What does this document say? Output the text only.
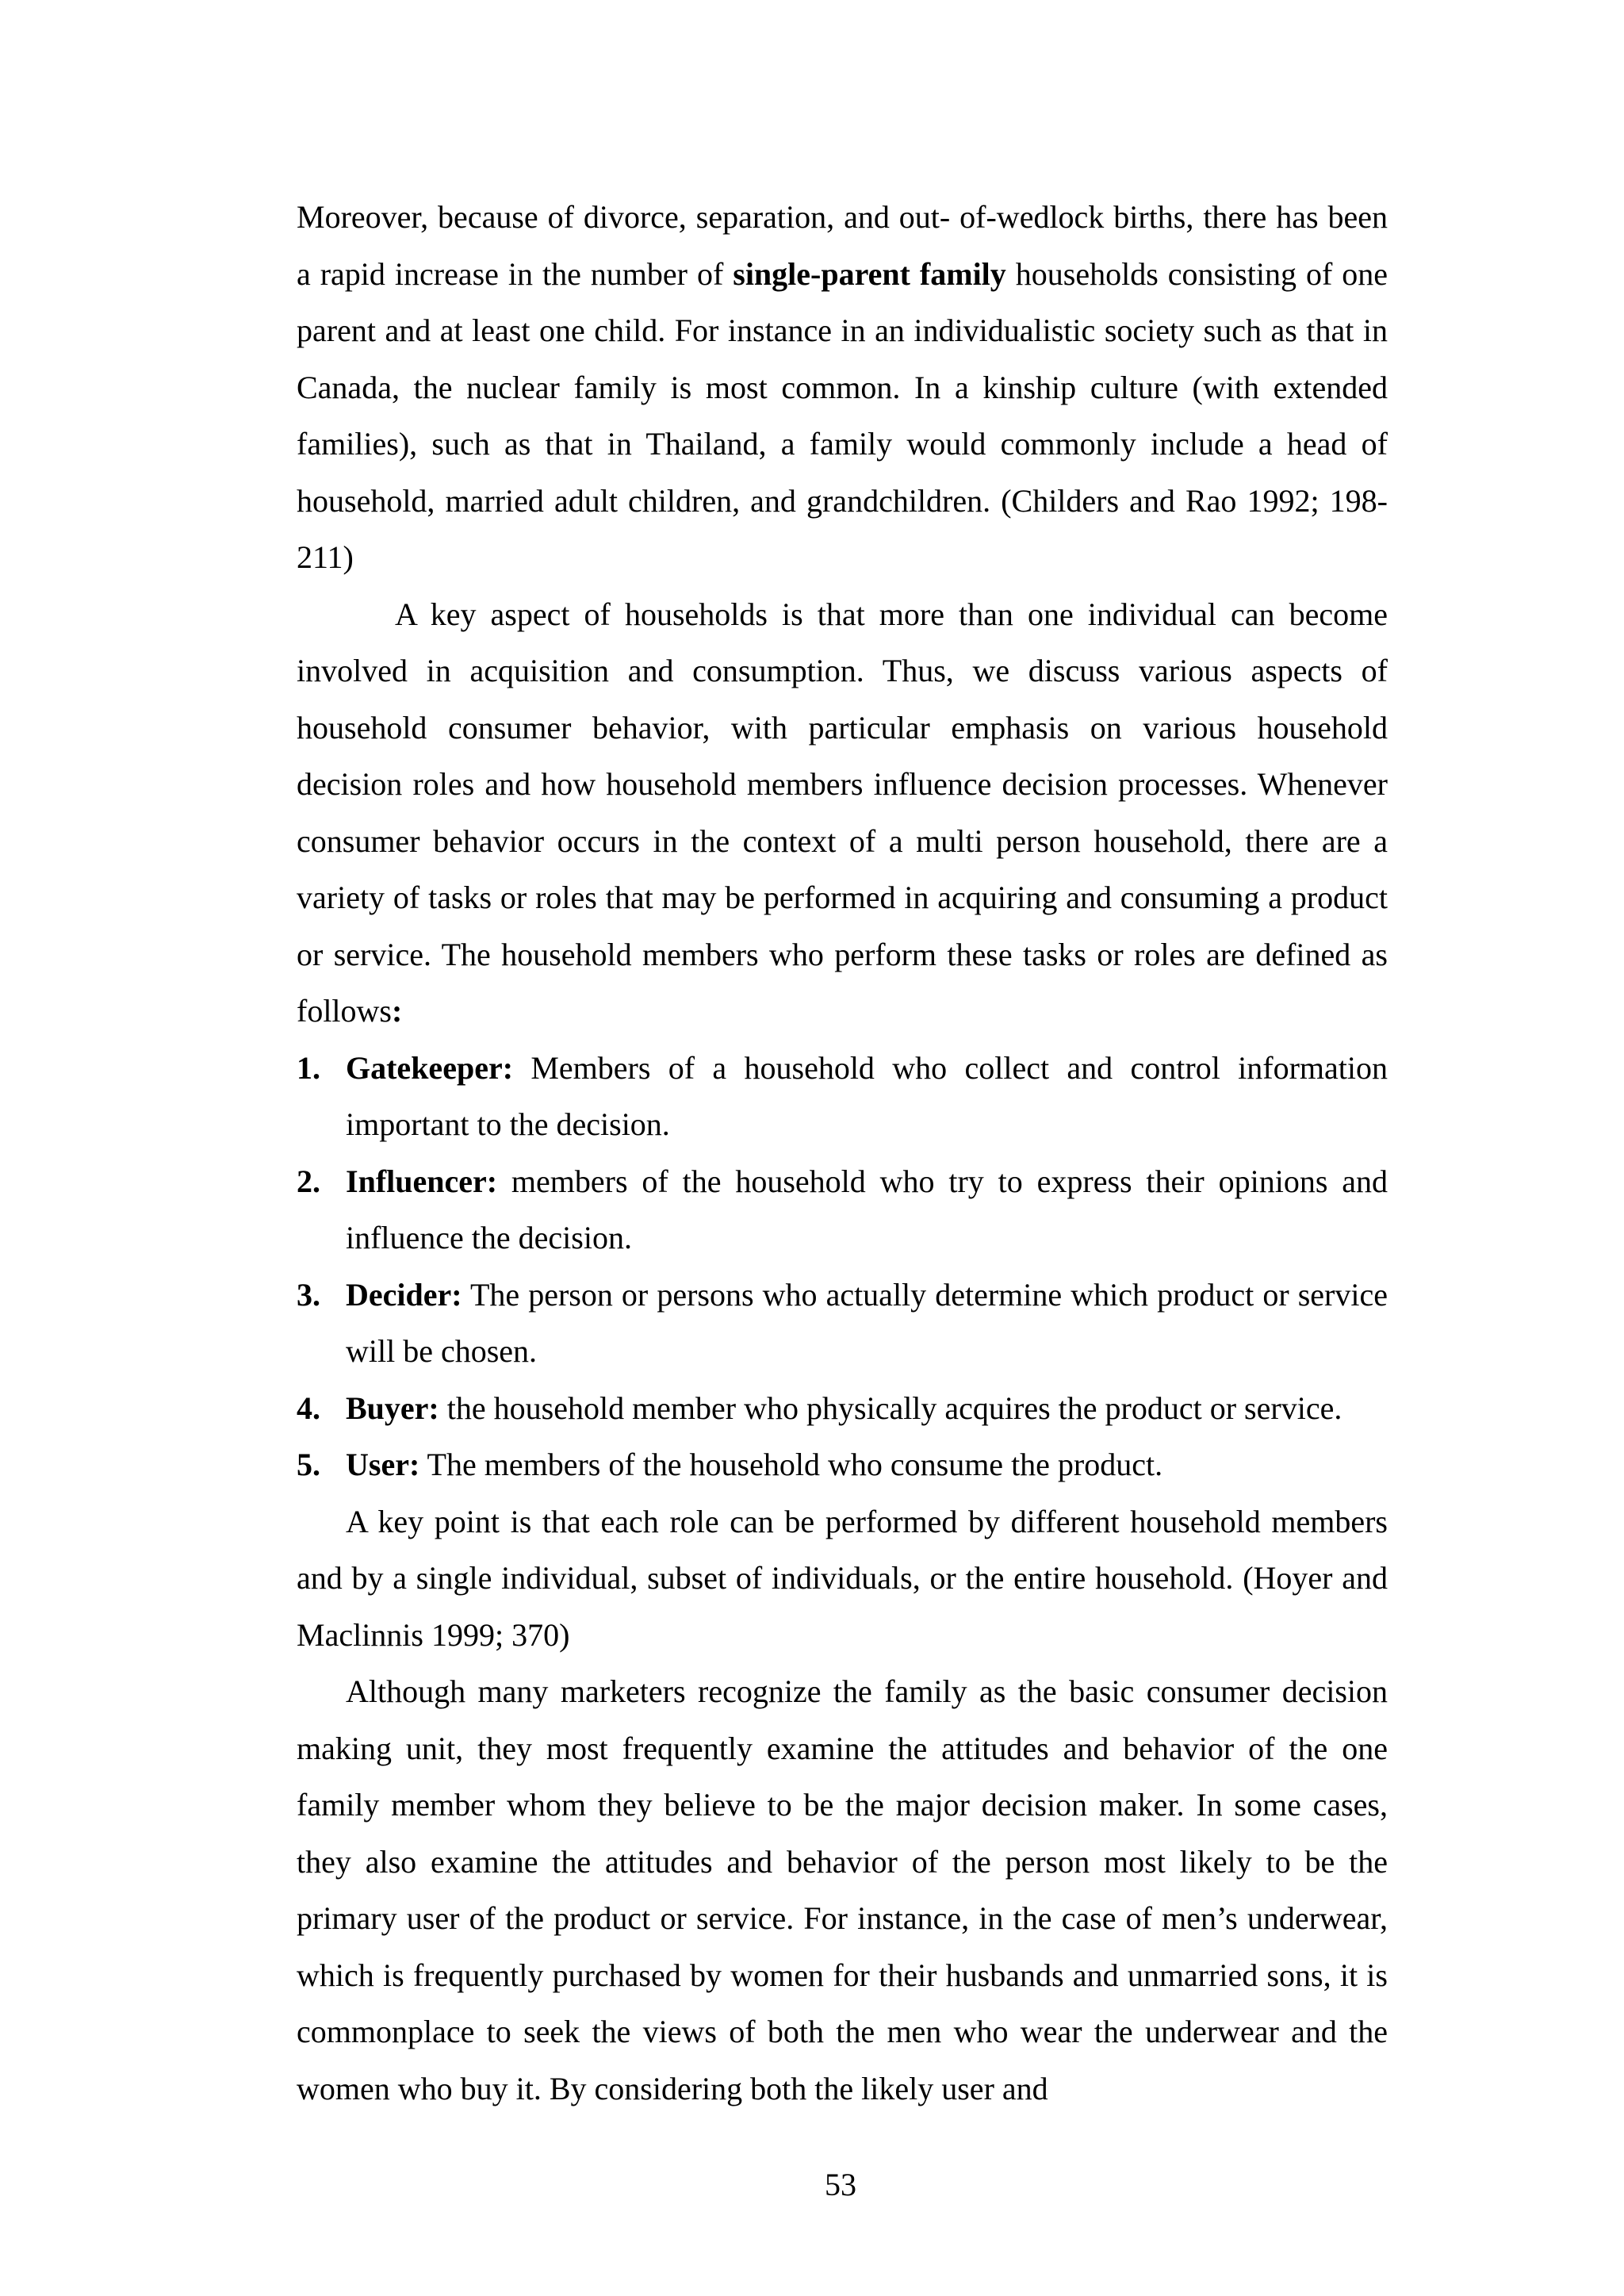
Moreover, because of divorce, separation, and out- of-wedlock births, there has been a rapid increase in the number of single-parent family households consisting of one parent and at least one child. For instance in an individualistic society such as that in Canada, the nuclear family is most common. In a kinship culture (with extended families), such as that in Thailand, a family would commonly include a head of household, married adult children, and grandchildren. (Childers and Rao 1992; 198-211)

A key aspect of households is that more than one individual can become involved in acquisition and consumption. Thus, we discuss various aspects of household consumer behavior, with particular emphasis on various household decision roles and how household members influence decision processes. Whenever consumer behavior occurs in the context of a multi person household, there are a variety of tasks or roles that may be performed in acquiring and consuming a product or service. The household members who perform these tasks or roles are defined as follows:

1. Gatekeeper: Members of a household who collect and control information important to the decision.
2. Influencer: members of the household who try to express their opinions and influence the decision.
3. Decider: The person or persons who actually determine which product or service will be chosen.
4. Buyer: the household member who physically acquires the product or service.
5. User: The members of the household who consume the product.

A key point is that each role can be performed by different household members and by a single individual, subset of individuals, or the entire household. (Hoyer and Maclinnis 1999; 370)

Although many marketers recognize the family as the basic consumer decision making unit, they most frequently examine the attitudes and behavior of the one family member whom they believe to be the major decision maker. In some cases, they also examine the attitudes and behavior of the person most likely to be the primary user of the product or service. For instance, in the case of men’s underwear, which is frequently purchased by women for their husbands and unmarried sons, it is commonplace to seek the views of both the men who wear the underwear and the women who buy it. By considering both the likely user and

53
